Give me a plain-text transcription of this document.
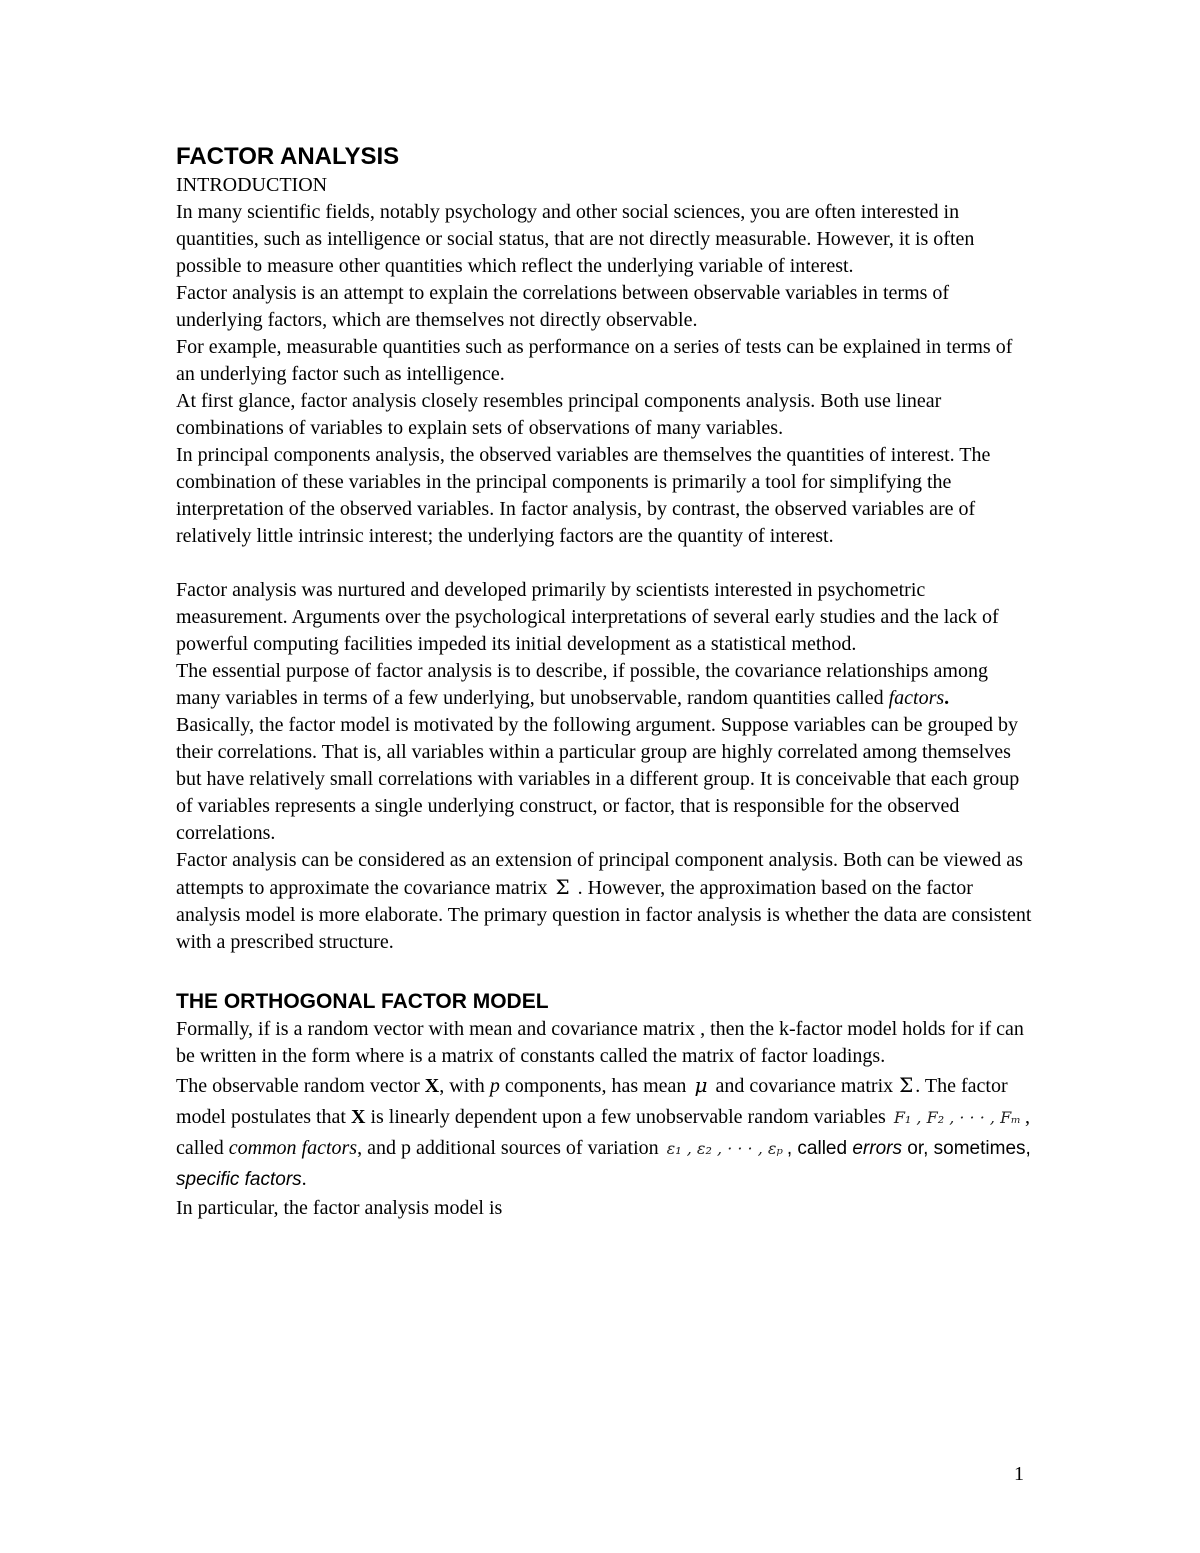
FACTOR ANALYSIS
INTRODUCTION

In many scientific fields, notably psychology and other social sciences, you are often interested in quantities, such as intelligence or social status, that are not directly measurable. However, it is often possible to measure other quantities which reflect the underlying variable of interest.

Factor analysis is an attempt to explain the correlations between observable variables in terms of underlying factors, which are themselves not directly observable.

For example, measurable quantities such as performance on a series of tests can be explained in terms of an underlying factor such as intelligence.

At first glance, factor analysis closely resembles principal components analysis. Both use linear combinations of variables to explain sets of observations of many variables.

In principal components analysis, the observed variables are themselves the quantities of interest. The combination of these variables in the principal components is primarily a tool for simplifying the interpretation of the observed variables. In factor analysis, by contrast, the observed variables are of relatively little intrinsic interest; the underlying factors are the quantity of interest.

Factor analysis was nurtured and developed primarily by scientists interested in psychometric measurement. Arguments over the psychological interpretations of several early studies and the lack of powerful computing facilities impeded its initial development as a statistical method.

The essential purpose of factor analysis is to describe, if possible, the covariance relationships among many variables in terms of a few underlying, but unobservable, random quantities called factors.

Basically, the factor model is motivated by the following argument. Suppose variables can be grouped by their correlations. That is, all variables within a particular group are highly correlated among themselves but have relatively small correlations with variables in a different group. It is conceivable that each group of variables represents a single underlying construct, or factor, that is responsible for the observed correlations.

Factor analysis can be considered as an extension of principal component analysis. Both can be viewed as attempts to approximate the covariance matrix Σ . However, the approximation based on the factor analysis model is more elaborate. The primary question in factor analysis is whether the data are consistent with a prescribed structure.

THE ORTHOGONAL FACTOR MODEL

Formally, if is a random vector with mean and covariance matrix , then the k-factor model holds for if can be written in the form where is a matrix of constants called the matrix of factor loadings.

The observable random vector X, with p components, has mean μ and covariance matrix Σ . The factor model postulates that X is linearly dependent upon a few unobservable random variables F₁ , F₂ , · · · , Fₘ , called common factors, and p additional sources of variation ε₁ , ε₂ , · · · , εₚ , called errors or, sometimes, specific factors.

In particular, the factor analysis model is

1
